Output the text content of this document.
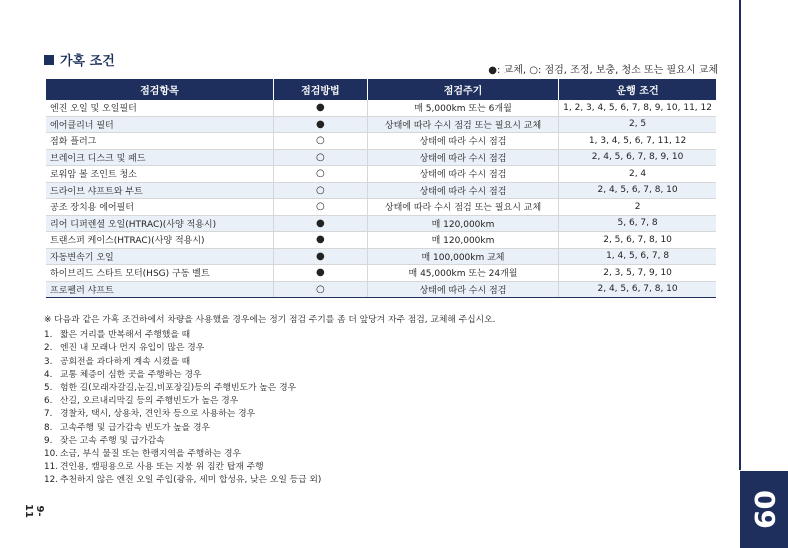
가혹 조건
●: 교체, ○: 점검, 조정, 보충, 청소 또는 필요시 교체
점검항목	점검방법	점검주기	운행 조건
엔진 오일 및 오일필터	●	매 5,000km 또는 6개월	1, 2, 3, 4, 5, 6, 7, 8, 9, 10, 11, 12
에어클리너 필터	●	상태에 따라 수시 점검 또는 필요시 교체	2, 5
점화 플러그	○	상태에 따라 수시 점검	1, 3, 4, 5, 6, 7, 11, 12
브레이크 디스크 및 패드	○	상태에 따라 수시 점검	2, 4, 5, 6, 7, 8, 9, 10
로워암 볼 조인트 청소	○	상태에 따라 수시 점검	2, 4
드라이브 샤프트와 부트	○	상태에 따라 수시 점검	2, 4, 5, 6, 7, 8, 10
공조 장치용 에어필터	○	상태에 따라 수시 점검 또는 필요시 교체	2
리어 디퍼렌셜 오일(HTRAC)(사양 적용시)	●	매 120,000km	5, 6, 7, 8
트랜스퍼 케이스(HTRAC)(사양 적용시)	●	매 120,000km	2, 5, 6, 7, 8, 10
자동변속기 오일	●	매 100,000km 교체	1, 4, 5, 6, 7, 8
하이브리드 스타트 모터(HSG) 구동 벨트	●	매 45,000km 또는 24개월	2, 3, 5, 7, 9, 10
프로펠러 샤프트	○	상태에 따라 수시 점검	2, 4, 5, 6, 7, 8, 10
※ 다음과 같은 가혹 조건하에서 차량을 사용했을 경우에는 정기 점검 주기를 좀 더 앞당겨 자주 점검, 교체해 주십시오.
1. 짧은 거리를 반복해서 주행했을 때
2. 엔진 내 모래나 먼지 유입이 많은 경우
3. 공회전을 과다하게 계속 시켰을 때
4. 교통 체증이 심한 곳을 주행하는 경우
5. 험한 길(모래자갈길,눈길,비포장길)등의 주행빈도가 높은 경우
6. 산길, 오르내리막길 등의 주행빈도가 높은 경우
7. 경찰차, 택시, 상용차, 견인차 등으로 사용하는 경우
8. 고속주행 및 급가감속 빈도가 높을 경우
9. 잦은 고속 주행 및 급가감속
10. 소금, 부식 물질 또는 한랭지역을 주행하는 경우
11. 견인용, 캠핑용으로 사용 또는 지붕 위 짐칸 탑재 주행
12. 추천하지 않은 엔진 오일 주입(광유, 세미 합성유, 낮은 오일 등급 외)
9-11	09
